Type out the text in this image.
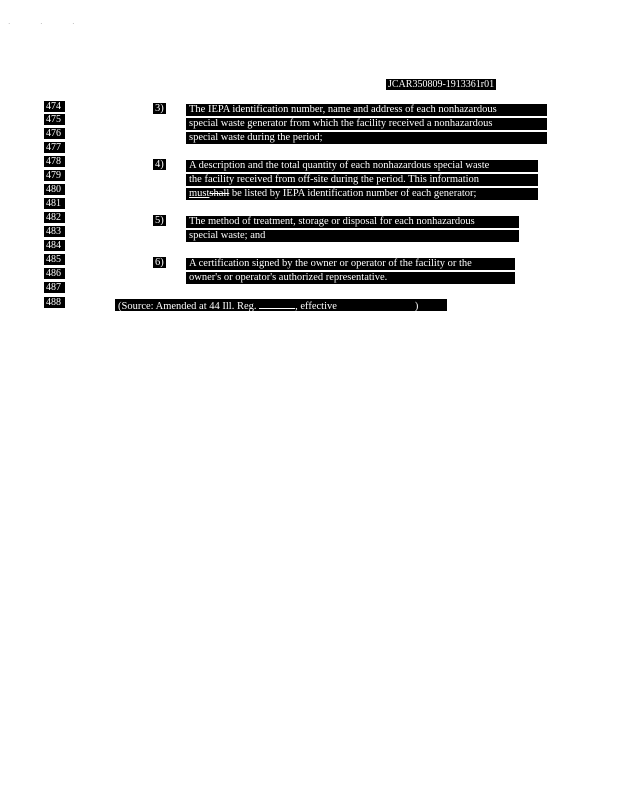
· · ·
JCAR350809-1913361r01
474
475
476
477
478
479
480
481
482
483
484
485
486
487
488
3) The IEPA identification number, name and address of each nonhazardous
special waste generator from which the facility received a nonhazardous
special waste during the period;
4) A description and the total quantity of each nonhazardous special waste
the facility received from off-site during the period. This information
mustshall be listed by IEPA identification number of each generator;
5) The method of treatment, storage or disposal for each nonhazardous
special waste; and
6) A certification signed by the owner or operator of the facility or the
owner's or operator's authorized representative.
(Source: Amended at 44 Ill. Reg.	, effective	)
